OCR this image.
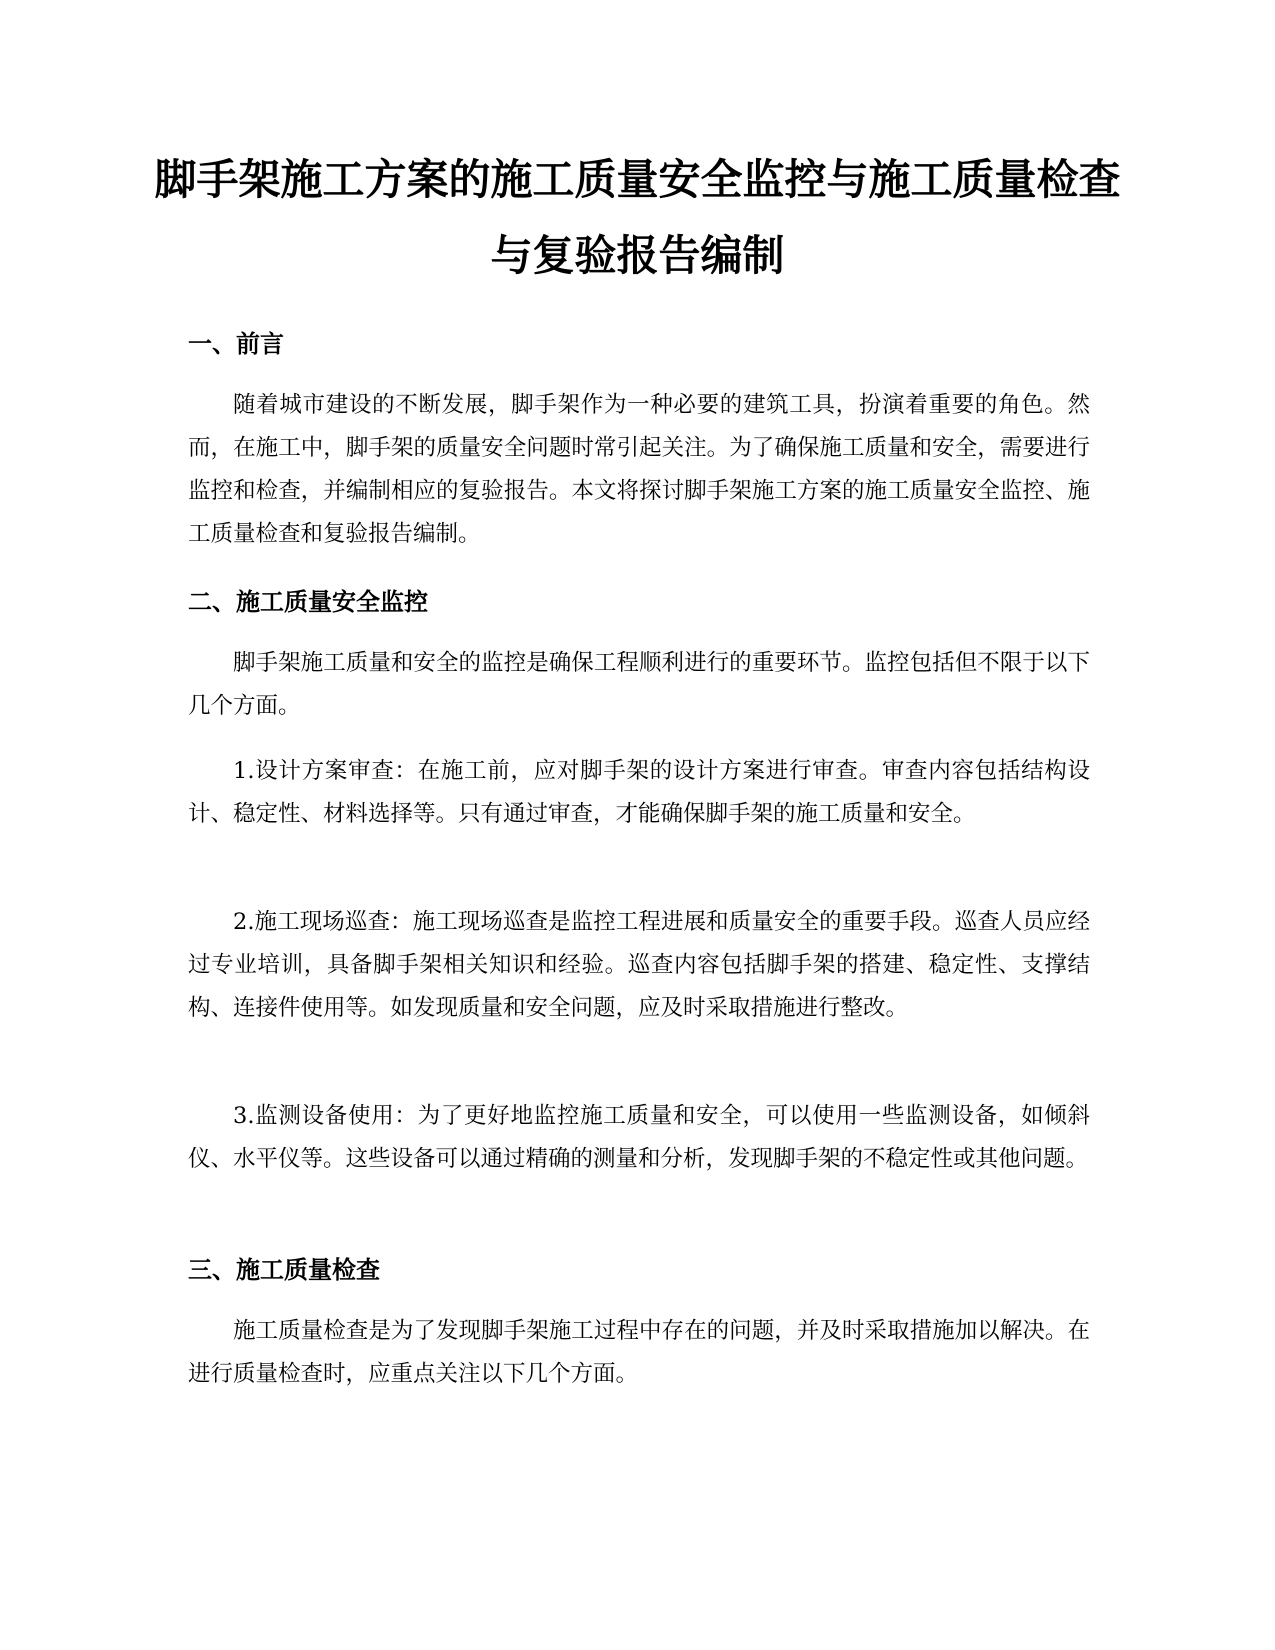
脚手架施工方案的施工质量安全监控与施工质量检查与复验报告编制
一、前言

随着城市建设的不断发展，脚手架作为一种必要的建筑工具，扮演着重要的角色。然而，在施工中，脚手架的质量安全问题时常引起关注。为了确保施工质量和安全，需要进行监控和检查，并编制相应的复验报告。本文将探讨脚手架施工方案的施工质量安全监控、施工质量检查和复验报告编制。

二、施工质量安全监控

脚手架施工质量和安全的监控是确保工程顺利进行的重要环节。监控包括但不限于以下几个方面。

1.设计方案审查：在施工前，应对脚手架的设计方案进行审查。审查内容包括结构设计、稳定性、材料选择等。只有通过审查，才能确保脚手架的施工质量和安全。

2.施工现场巡查：施工现场巡查是监控工程进展和质量安全的重要手段。巡查人员应经过专业培训，具备脚手架相关知识和经验。巡查内容包括脚手架的搭建、稳定性、支撑结构、连接件使用等。如发现质量和安全问题，应及时采取措施进行整改。

3.监测设备使用：为了更好地监控施工质量和安全，可以使用一些监测设备，如倾斜仪、水平仪等。这些设备可以通过精确的测量和分析，发现脚手架的不稳定性或其他问题。

三、施工质量检查

施工质量检查是为了发现脚手架施工过程中存在的问题，并及时采取措施加以解决。在进行质量检查时，应重点关注以下几个方面。
